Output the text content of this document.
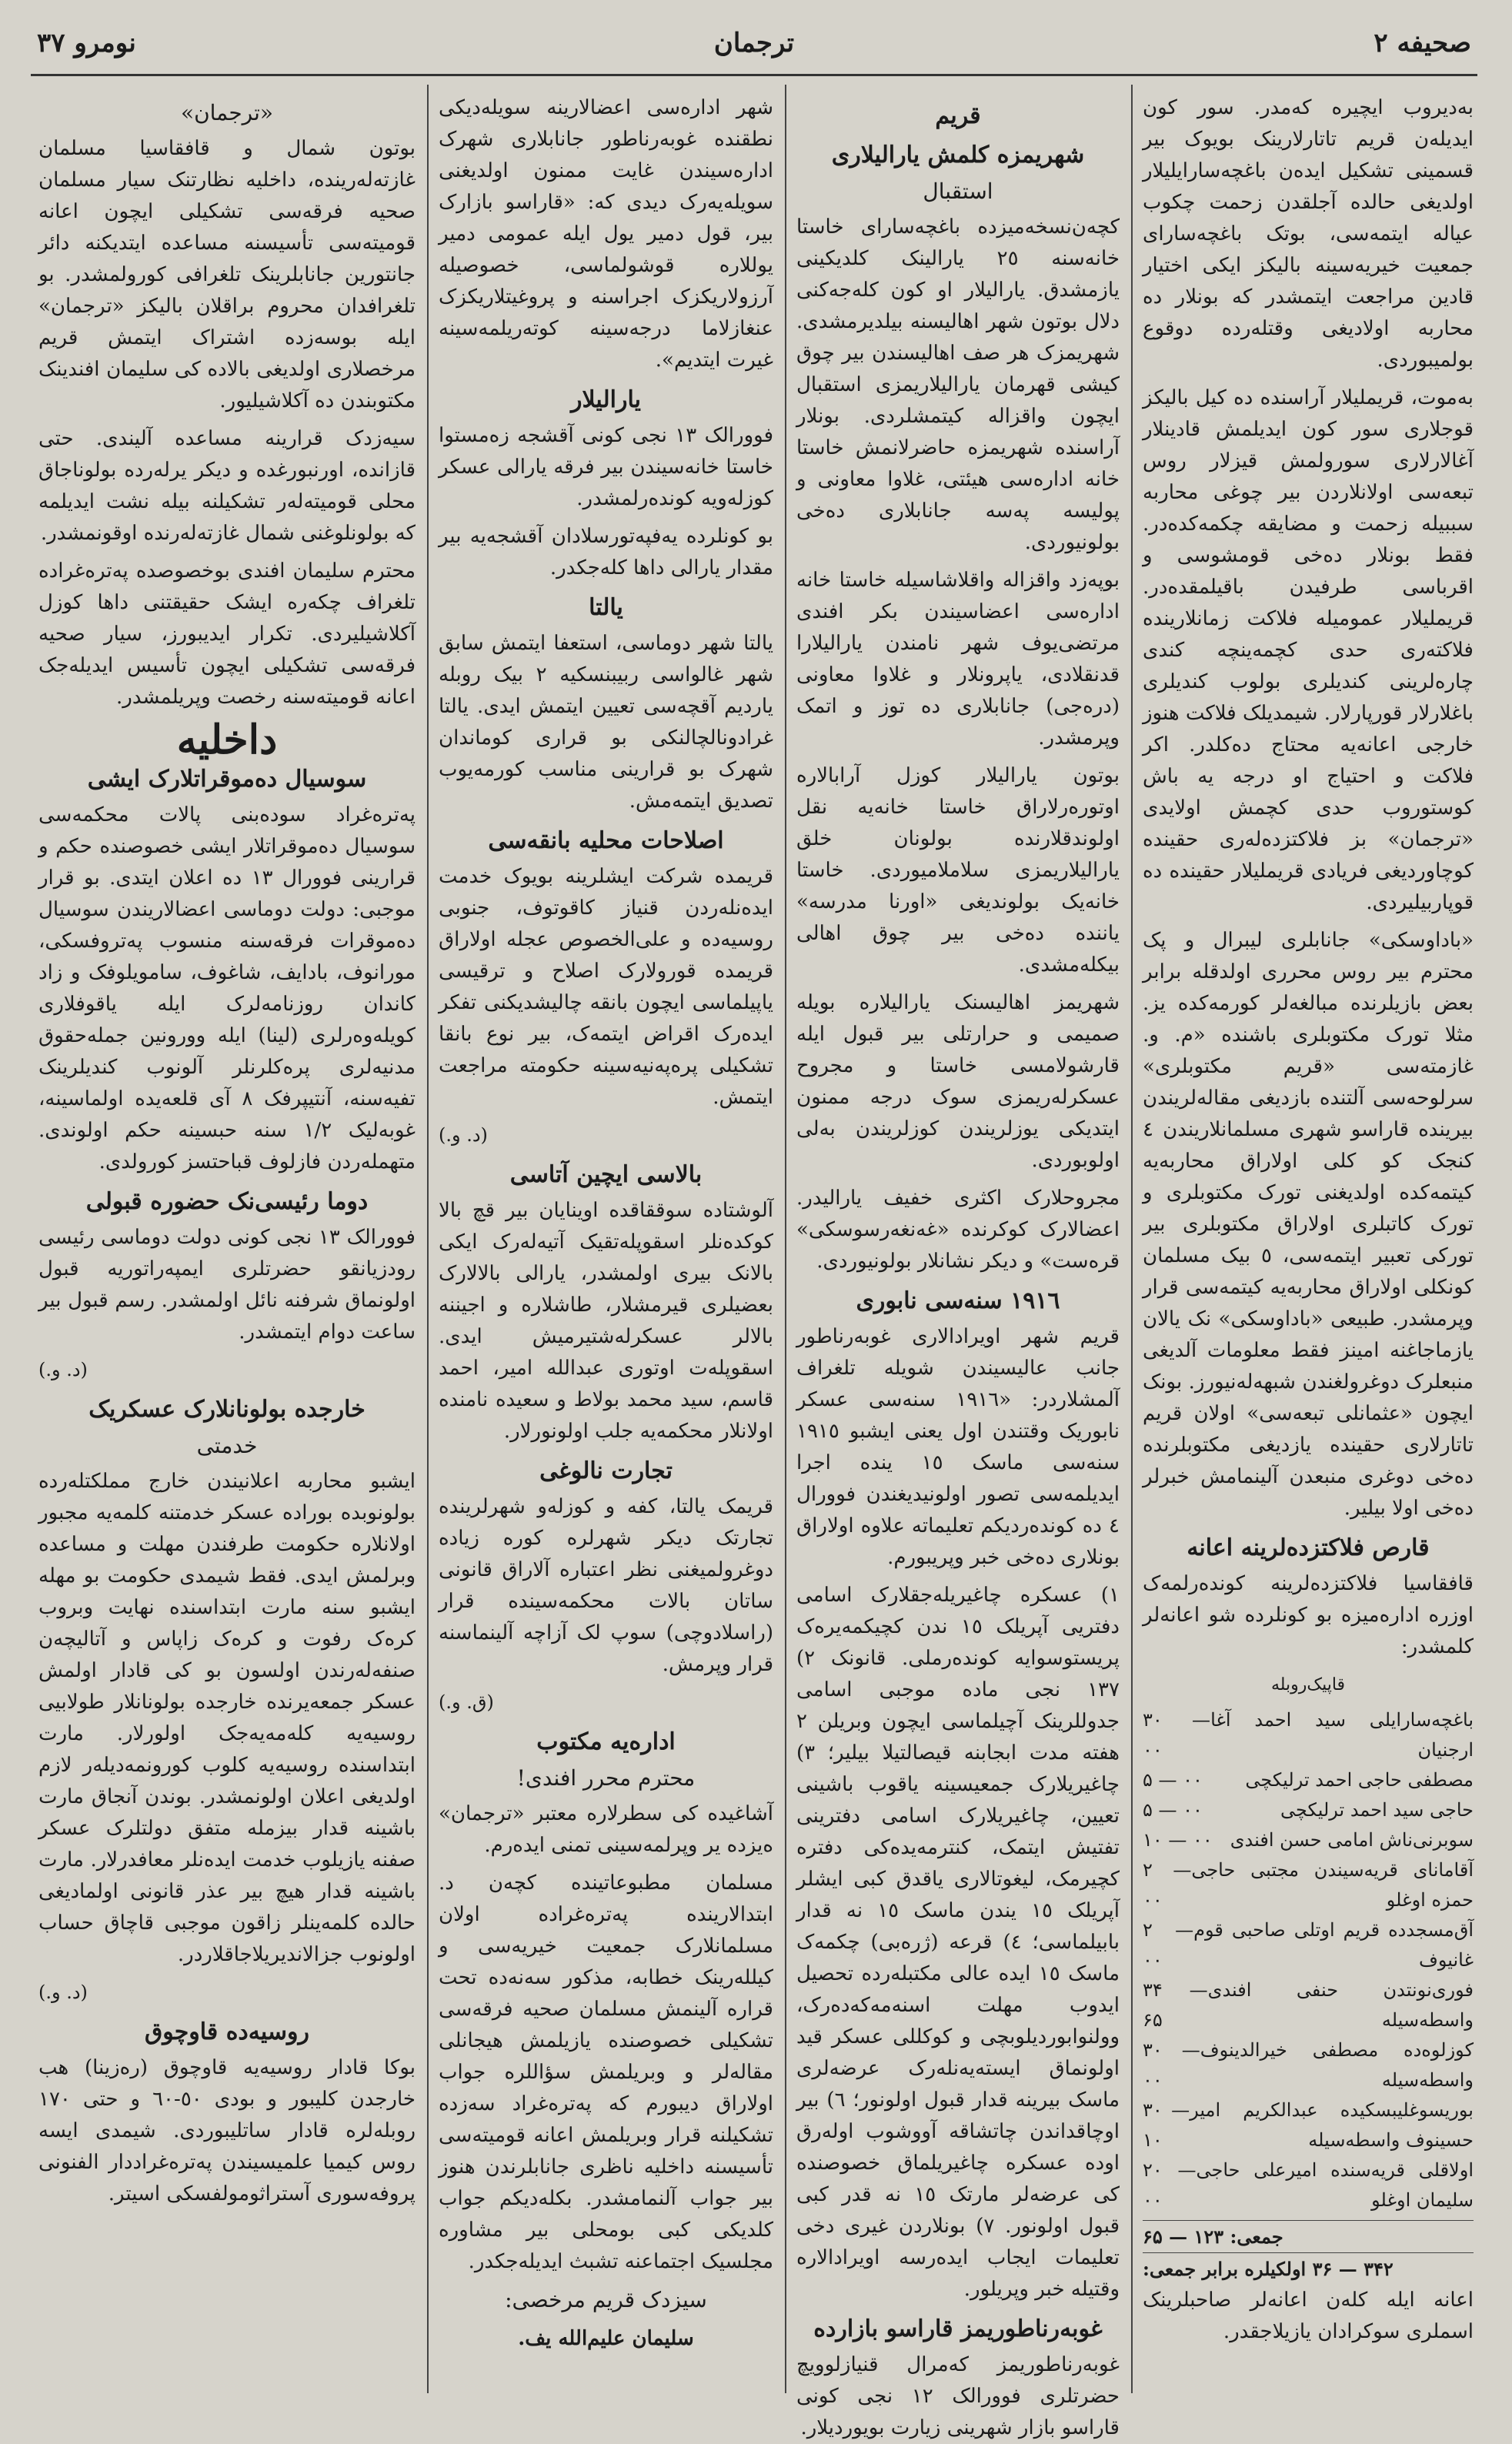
صحیفه ۲
ترجمان
نومرو ۳۷

بەدیروب ایچیرە کەمدر. سور کون ایدیلەن قریم تاتارلارینک بویوک بیر قسمینی تشکیل ایدەن باغچەسارایلیلار اولدیغی حالدە آجلقدن زحمت چکوب عیالە ایتمەسی، بوتک باغچەسارای جمعیت خیریەسینە بالیکز ایکی اختیار قادین مراجعت ایتمشدر کە بونلار دە محاربە اولادیغی وقتلەردە دوقوع بولمیبوردی.

بەموت، قریملیلار آراسندە دە کیل بالیکز قوجلاری سور کون ایدیلمش قادینلار آغالارلاری سورولمش قیزلار روس تبعەسی اولانلاردن بیر چوغی محاربە سببیلە زحمت و مضایقە چکمەکدەدر. فقط بونلار دەخی قومشوسی و اقرباسی طرفیدن باقیلمقدەدر. قریملیلار عمومیلە فلاکت زمانلاریندە فلاکتەری حدی کچمەینچە کندی چارەلرینی کندیلری بولوب کندیلری باغلارلار قورپارلار. شیمدیلک فلاکت هنوز خارجی اعانەیە محتاج دەکلدر. اکر فلاکت و احتیاج او درجە یە باش کوستوروب حدی کچمش اولایدی «ترجمان» بز فلاکتزدەلەری حقیندە کوچاوردیغی فریادی قریملیلار حقیندە دە قوپاربیلیردی.

«باداوسکی» جانابلری لیبرال و پک محترم بیر روس محرری اولدقلە برابر بعض بازیلرندە مبالغەلر کورمەکدە یز. مثلا تورک مکتوبلری باشندە «م. و. غازمتەسی «قریم مکتوبلری» سرلوحەسی آلتندە بازدیغی مقالەلریندن بیریندە قاراسو شهری مسلمانلاریندن ٤ کنجک کو کلی اولاراق محاربەیە کیتمەکدە اولدیغنی تورک مکتوبلری و تورک کاتبلری اولاراق مکتوبلری بیر تورکی تعبیر ایتمەسی، ٥ بیک مسلمان کونکلی اولاراق محاربەیە کیتمەسی قرار وپرمشدر. طبیعی «باداوسکی» نک یالان یازماجاغنە امینز فقط معلومات آلدیغی منبعلرک دوغرولغندن شبهەلەنیورز. بونک ایچون «عثمانلی تبعەسی» اولان قریم تاتارلاری حقیندە یازدیغی مکتوبلرندە دەخی دوغری منبعدن آلینمامش خبرلر دەخی اولا بیلیر.

قارص فلاکتزدەلرینە اعانە

قافقاسیا فلاکتزدەلرینە کوندەرلمەک اوزرە ادارەمیزە بو کونلردە شو اعانەلر کلمشدر:

قاپیک‌روبلە
باغچەسارایلی سید احمد آغا ارجنیان
۳۰ — ۰۰
مصطفی حاجی احمد ترلیکچی
۵ — ۰۰
حاجی سید احمد ترلیکچی
۵ — ۰۰
سوبرنی‌ناش امامی حسن افندی
۱۰ — ۰۰
آقامانای قریەسیندن مجتبی حاجی حمزه اوغلو
۲ — ۰۰
آق‌مسجددە قریم اوتلی صاحبی قوم غانیوف
۲ — ۰۰
فوری‌نونتدن حنفی افندی واسطەسیلە
۳۴ — ۶۵
کوزلوەدە مصطفی خیرالدینوف واسطەسیلە
۳۰ — ۰۰
بوریسوغلیبسکیدە عبدالکریم امیر حسینوف واسطەسیلە
۳۰ — ۱۰
اولاقلی قریەسندە امیرعلی حاجی سلیمان اوغلو
۲۰ — ۰۰
جمعی: ۱۲۳ — ۶۵
۳۴۲ — ۳۶ اولکیلرە برابر جمعی:

اعانە ایلە کلەن اعانەلر صاحبلرینک اسملری سوکرادان یازیلاجقدر.

قریم
شهریمزە کلمش یارالیلاری
استقبال

کچەن‌نسخەمیزدە باغچەسارای خاستا خانەسنە ٢٥ یارالینک کلدیکینی یازمشدق. یارالیلار او کون کلەجەکنی دلال بوتون شهر اهالیسنە بیلدیرمشدی. شهریمزک هر صف اهالیسندن بیر چوق کیشی قهرمان یارالیلاریمزی استقبال ایچون واقزاله کیتمشلردی. بونلار آراسندە شهریمزە حاضرلانمش خاستا خانە ادارەسی هیئتی، غلاوا معاونی و پولیسە پەسە جانابلاری دەخی بولونیوردی.

بوپەزد واقزاله واقلاشاسیلە خاستا خانە ادارەسی اعضاسیندن بکر افندی مرتضی‌یوف شهر نامندن یارالیلارا قدنقلادی، یاپرونلار و غلاوا معاونی (درەجی) جانابلاری دە توز و اتمک وپرمشدر.

بوتون یارالیلار کوزل آرابالارە اوتورەرلاراق خاستا خانەیە نقل اولوندقلارندە بولونان خلق یارالیلاریمزی سلاملامیوردی. خاستا خانەیک بولوندیغی «اورنا مدرسە» یاننده دەخی بیر چوق اهالی بیکلەمشدی.

شهریمز اهالیسنک یارالیلارە بویلە صمیمی و حرارتلی بیر قبول ایلە قارشولامسی خاستا و مجروح عسکرلەریمزی سوک درجە ممنون ایتدیکی یوزلریندن کوزلریندن بەلی اولوبوردی.

مجروحلارک اکثری خفیف یارالیدر. اعضالارک کوکرندە «غەنغەرسوسکی» قرەست» و دیکر نشانلار بولونیوردی.

١٩١٦ سنەسی نابوری

قریم شهر اویرادالاری غوبەرناطور جانب عالیسیندن شویلە تلغراف آلمشلاردر: «١٩١٦ سنەسی عسکر نابوریک وقتندن اول یعنی ایشبو ١٩١٥ سنەسی ماسک ١٥ یندە اجرا ایدیلمەسی تصور اولونیدیغندن فوورال ٤ دە کوندەردیکم تعلیماتە علاوە اولاراق بونلاری دەخی خبر وپریبورم.

١) عسکرە چاغیریلەجقلارک اسامی دفتریی آپریلک ١٥ ندن کچیکمەیرەک پریستوسوایه کوندەرملی. قانونک ٢) ١٣٧ نجی مادە موجبی اسامی جدوللرینک آچیلماسی ایچون وبریلن ٢ هفتە مدت ابجابنە قیصالتیلا بیلیر؛ ٣) چاغیریلارک جمعیسینە یاقوب باشینی تعیین، چاغیریلارک اسامی دفترینی تفتیش ایتمک، کنترمەیدەکی دفترە کچیرمک، لیغوتالاری یاقدق کبی ایشلر آپریلک ١٥ یندن ماسک ١٥ نە قدار بابیلماسی؛ ٤) قرعە (ژرەبی) چکمەک ماسک ١٥ ایدە عالی مکتبلەردە تحصیل ایدوب مهلت اسنەمەکەدەرک، وولنوابوردیلوبچی و کوکللی عسکر قید اولونماق ایستەیەنلەرک عرضەلری ماسک بیرینە قدار قبول اولونور؛ ٦) بیر اوچاقداندن چاتشاقه آووشوب اولەرق اوده عسکرە چاغیریلماق خصوصندە کی عرضەلر مارتک ١٥ نە قدر کبی قبول اولونور. ٧) بونلاردن غیری دخی تعلیمات ایجاب ایدەرسە اویرادالارە وقتیلە خبر وپریلور.

غوبەرناطوریمز قاراسو بازاردە

غوبەرناطوریمز کەمرال قنیازلوویچ حضرتلری فوورالک ١٢ نجی کونی قاراسو بازار شهرینی زیارت بویوردیلار.

شهر ادارەسی اعضالارینە سویلەدیکی نطقندە غوبەرناطور جانابلاری شهرک ادارەسیندن غایت ممنون اولدیغنی سویلەیەرک دیدی کە: «قاراسو بازارک بیر، قول دمیر یول ایلە عمومی دمیر یوللارە قوشولماسی، خصوصیلە آرزولاریکزک اجراسنە و پروغیتلاریکزک عنغازلاما درجەسینە کوتەریلمەسینە غیرت ایتدیم».

یارالیلار

فوورالک ١٣ نجی کونی آقشجە زەمستوا خاستا خانەسیندن بیر فرقە یارالی عسکر کوزلەویه کوندەرلمشدر.

بو کونلردە یەفپەتورسلادان آقشجەیە بیر مقدار یارالی داها کلەجکدر.

یالتا

یالتا شهر دوماسی، استعفا ایتمش سابق شهر غالواسی ربیبنسکیە ٢ بیک روبلە یاردیم آقچەسی تعیین ایتمش ایدی. یالتا غرادونالچالنکی بو قراری کوماندان شهرک بو قرارینی مناسب کورمەیوب تصدیق ایتمەمش.

اصلاحات محلیە بانقەسی

قریمدە شرکت ایشلرینە بویوک خدمت ایدەنلەردن قنیاز کاقوتوف، جنوبی روسیەدە و علی‌الخصوص عجلە اولاراق قریمدە قورولارک اصلاح و ترقیسی یاپیلماسی ایچون بانقە چالیشدیکنی تفکر ایدەرک اقراض ایتمەک، بیر نوع بانقا تشکیلی پرەپەنیەسینە حکومتە مراجعت ایتمش.

(د. و.)
بالاسی ایچین آتاسی

آلوشتادە سوققاقدە اوینایان بیر قچ بالا کوکدەنلر اسقوپلەتقیک آتیەلەرک ایکی بالانک بیری اولمشدر، یارالی بالالارک بعضیلری قیرمشلار، طاشلارە و اجیننە بالالر عسکرلەشتیرمیش ایدی. اسقوپلەت اوتوری عبدالله امیر، احمد قاسم، سید محمد بولاط و سعیدە نامنده اولانلار محکمەیە جلب اولونورلار.

تجارت نالوغی

قریمک یالتا، کفە و کوزلەو شهرلریندە تجارتک دیکر شهرلرە کورە زیادە دوغرولمیغنی نظر اعتبارە آلاراق قانونی ساتان بالات محکمەسیندە قرار (راسلادوچی) سوپ لک آزاچه آلینماسنە قرار وپرمش.

(ق. و.)
ادارەیە مکتوب
محترم محرر افندی!

آشاغیدە کی سطرلارە معتبر «ترجمان» ەیزدە یر وپرلمەسینی تمنی ایدەرم.

مسلمان مطبوعاتیندە کچەن د. ابتدالاریندە پەترەغرادە اولان مسلمانلارک جمعیت خیریەسی و کیللەرینک خطابە، مذکور سەنەدە تحت قرارە آلینمش مسلمان صحیە فرقەسی تشکیلی خصوصندە یازیلمش هیجانلی مقالەلر و وبریلمش سؤاللرە جواب اولاراق دیبورم کە پەترەغراد سەزدە تشکیلنە قرار وبریلمش اعانە قومیتەسی تأسیسنە داخلیە ناظری جانابلرندن هنوز بیر جواب آلنمامشدر. بکلەدیکم جواب کلدیکی کبی بومحلی بیر مشاوره مجلسیک اجتماعنە تشبث ایدیلەجکدر.

سیزدک قریم مرخصی:
سلیمان علیم‌الله یف.
«ترجمان»

بوتون شمال و قافقاسیا مسلمان غازتەلەریندە، داخلیە نظارتنک سیار مسلمان صحیە فرقەسی تشکیلی ایچون اعانە قومیتەسی تأسیسنە مساعدە ایتدیکنە دائر جانتورین جانابلرینک تلغرافی کورولمشدر. بو تلغرافدان محروم براقلان بالیکز «ترجمان» ایلە بوسەزدە اشتراک ایتمش قریم مرخصلاری اولدیغی بالادە کی سلیمان افندینک مکتوبندن دە آکلاشیلیور.

سیەزدک قرارینە مساعدە آلیندی. حتی قازانده، اورنبورغدە و دیکر یرلەردە بولوناجاق محلی قومیتەلەر تشکیلنە بیلە نشت ایدیلمە کە بولونلوغنی شمال غازتەلەرندە اوقونمشدر.

محترم سلیمان افندی بوخصوصدە پەترەغرادە تلغراف چکەرە ایشک حقیقتنی داها کوزل آکلاشیلیردی. تکرار ایدیبورز، سیار صحیە فرقەسی تشکیلی ایچون تأسیس ایدیلەجک اعانە قومیتەسنە رخصت وپریلمشدر.

داخلیە
سوسیال دەموقراتلارک ایشی

پەترەغراد سودەبنی پالات محکمەسی سوسیال دەموقراتلار ایشی خصوصندە حکم و قرارینی فوورال ١٣ دە اعلان ایتدی. بو قرار موجبی: دولت دوماسی اعضالاریندن سوسیال دەموقرات فرقەسنە منسوب پەتروفسکی، مورانوف، بادایف، شاغوف، سامویلوفک و زاد کاندان روزنامەلرک ایلە یاقوفلاری کویلەوەرلری (لینا) ایلە وورونین جملەحقوق مدنیەلری پرەکلرنلر آلونوب کندیلرینک تفیەسنە، آنتیپرفک ٨ آی قلعەیدە اولماسینە، غوبەلیک ١/٢ سنە حبسینە حکم اولوندی. متهملەردن فازلوف قباحتسز کورولدی.

دوما رئیسی‌نک حضورە قبولی

فوورالک ١٣ نجی کونی دولت دوماسی رئیسی رودزیانقو حضرتلری ایمپەراتوریە قبول اولونماق شرفنە نائل اولمشدر. رسم قبول بیر ساعت دوام ایتمشدر.

(د. و.)
خارجدە بولونانلارک عسکریک
خدمتی

ایشبو محاربە اعلانیندن خارج مملکتلەردە بولونوبدە بوراده عسکر خدمتنە کلمەیە مجبور اولانلارە حکومت طرفندن مهلت و مساعدە وبرلمش ایدی. فقط شیمدی حکومت بو مهلە ایشبو سنە مارت ابتداسندە نهایت وبروب کرەک رفوت و کرەک زاپاس و آتالیچەن صنفەلەرندن اولسون بو کی قادار اولمش عسکر جمعەیرندە خارجدە بولونانلار طولابیی روسیەیە کلەمەیەجک اولورلار. مارت ابتداسندە روسیەیە کلوب کورونمەدیلەر لازم اولدیغی اعلان اولونمشدر. بوندن آنجاق مارت باشینە قدار بیزملە متفق دولتلرک عسکر صفنە یازیلوب خدمت ایدەنلر معافدرلار. مارت باشینە قدار هیچ بیر عذر قانونی اولمادیغی حالدە کلمەینلر زاقون موجبی قاچاق حساب اولونوب جزالاندیریلاجاقلاردر.

(د. و.)
روسیەدە قاوچوق

بوکا قادار روسیەیە قاوچوق (رەزینا) هب خارجدن کلیبور و بودی ٥٠-٦٠ و حتی ١٧٠ روبلەلرە قادار ساتلیبوردی. شیمدی ایسە روس کیمیا علمیسیندن پەترەغراددار الفنونی پروفەسوری آستراثومولفسکی اسیتر.
